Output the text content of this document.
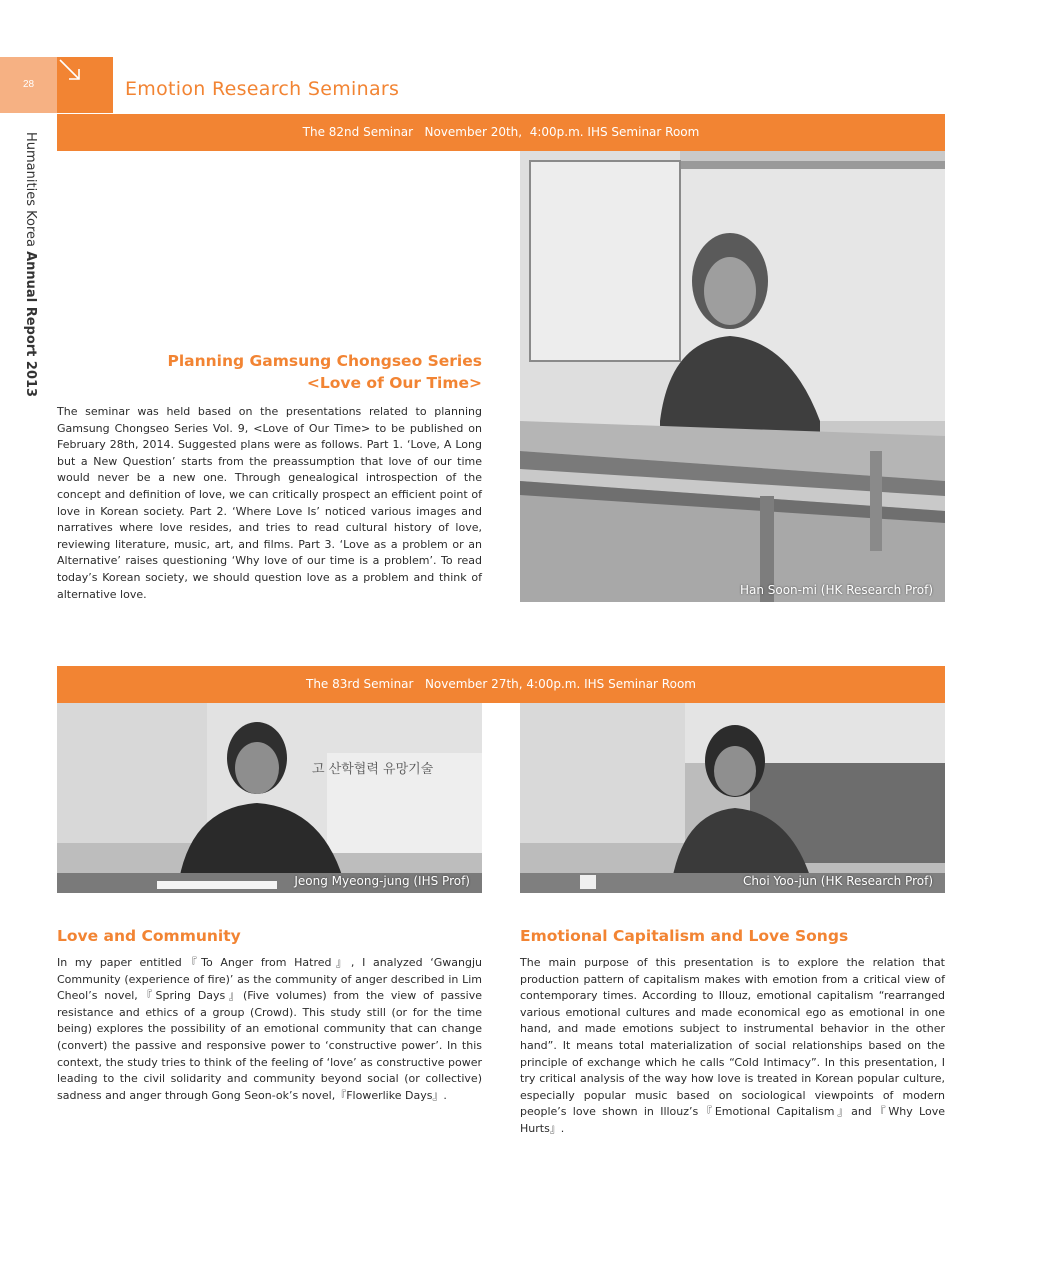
28	Emotion Research Seminars
Humanities Korea Annual Report 2013
The 82nd Seminar November 20th,  4:00p.m. IHS Seminar Room
Planning Gamsung Chongseo Series
<Love of Our Time>
The seminar was held based on the presentations related to planning Gamsung Chongseo Series Vol. 9, <Love of Our Time> to be published on February 28th, 2014. Suggested plans were as follows. Part 1. ‘Love, A Long but a New Question’ starts from the preassumption that love of our time would never be a new one. Through genealogical introspection of the concept and definition of love, we can critically prospect an efficient point of love in Korean society. Part 2. ‘Where Love Is’ noticed various images and narratives where love resides, and tries to read cultural history of love, reviewing literature, music, art, and films. Part 3. ‘Love as a problem or an Alternative’ raises questioning ‘Why love of our time is a problem’. To read today’s Korean society, we should question love as a problem and think of alternative love.	Han Soon-mi (HK Research Prof)
The 83rd Seminar November 27th, 4:00p.m. IHS Seminar Room
고 산학협력 유망기술
Jeong Myeong-jung (IHS Prof)	Choi Yoo-jun (HK Research Prof)
Love and Community
In my paper entitled『To Anger from Hatred』, I analyzed ‘Gwangju Community (experience of fire)’ as the community of anger described in Lim Cheol’s novel,『Spring Days』(Five volumes) from the view of passive resistance and ethics of a group (Crowd). This study still (or for the time being) explores the possibility of an emotional community that can change (convert) the passive and responsive power to ‘constructive power’. In this context, the study tries to think of the feeling of ‘love’ as constructive power leading to the civil solidarity and community beyond social (or collective) sadness and anger through Gong Seon-ok’s novel,『Flowerlike Days』.
Emotional Capitalism and Love Songs
The main purpose of this presentation is to explore the relation that production pattern of capitalism makes with emotion from a critical view of contemporary times. According to Illouz, emotional capitalism “rearranged various emotional cultures and made economical ego as emotional in one hand, and made emotions subject to instrumental behavior in the other hand”. It means total materialization of social relationships based on the principle of exchange which he calls “Cold Intimacy”. In this presentation, I try critical analysis of the way how love is treated in Korean popular culture, especially popular music based on sociological viewpoints of modern people’s love shown in Illouz’s『Emotional Capitalism』and『Why Love Hurts』.
